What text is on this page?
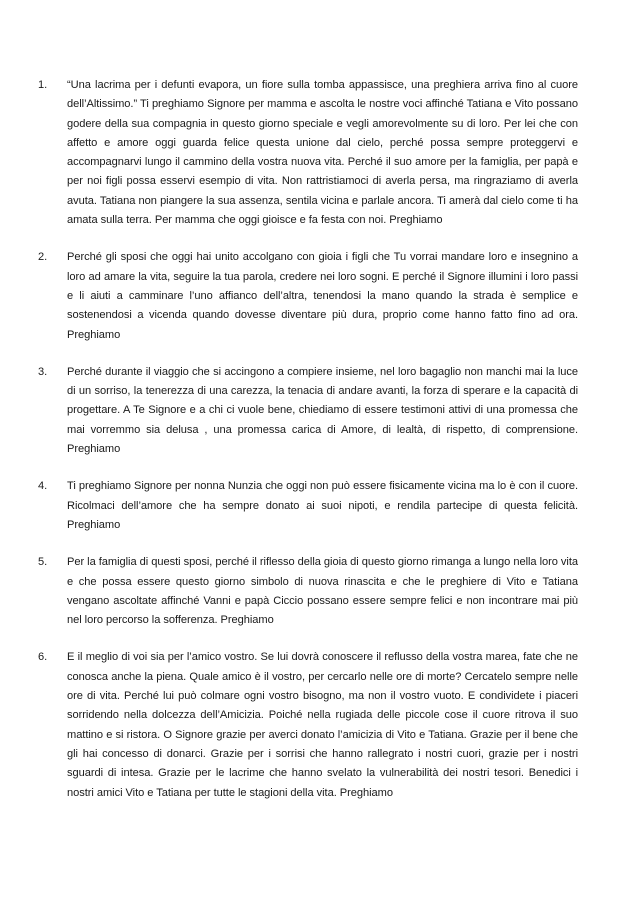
1.	“Una lacrima per i defunti evapora, un fiore sulla tomba appassisce, una preghiera arriva fino al cuore dell’Altissimo.” Ti preghiamo Signore per mamma e ascolta le nostre voci affinché Tatiana e Vito possano godere della sua compagnia in questo giorno speciale e vegli amorevolmente su di loro. Per lei che con affetto e amore oggi guarda felice questa unione dal cielo, perché possa sempre proteggervi e accompagnarvi lungo il cammino della vostra nuova vita. Perché il suo amore per la famiglia, per papà e per noi figli possa esservi esempio di vita. Non rattristiamoci di averla persa, ma ringraziamo di averla avuta. Tatiana non piangere la sua assenza, sentila vicina e parlale ancora. Ti amerà dal cielo come ti ha amata sulla terra. Per mamma che oggi gioisce e fa festa con noi. Preghiamo
2.	Perché gli sposi che oggi hai unito accolgano con gioia i figli che Tu vorrai mandare loro e insegnino a loro ad amare la vita, seguire la tua parola, credere nei loro sogni. E perché il Signore illumini i loro passi e li aiuti a camminare l’uno affianco dell’altra, tenendosi la mano quando la strada è semplice e sostenendosi a vicenda quando dovesse diventare più dura, proprio come hanno fatto fino ad ora. Preghiamo
3.	Perché durante il viaggio che si accingono a compiere insieme, nel loro bagaglio non manchi mai la luce di un sorriso, la tenerezza di una carezza, la tenacia di andare avanti, la forza di sperare e la capacità di progettare. A Te Signore e a chi ci vuole bene, chiediamo di essere testimoni attivi di una promessa che mai vorremmo sia delusa , una promessa carica di Amore, di lealtà, di rispetto, di comprensione. Preghiamo
4.	Ti preghiamo Signore per nonna Nunzia che oggi non può essere fisicamente vicina ma lo è con il cuore. Ricolmaci dell’amore che ha sempre donato ai suoi nipoti, e rendila partecipe di questa felicità. Preghiamo
5.	Per la famiglia di questi sposi, perché il riflesso della gioia di questo giorno rimanga a lungo nella loro vita e che possa essere questo giorno simbolo di nuova rinascita e che le preghiere di Vito e Tatiana vengano ascoltate affinché Vanni e papà Ciccio possano essere sempre felici e non incontrare mai più nel loro percorso la sofferenza. Preghiamo
6.	E il meglio di voi sia per l’amico vostro. Se lui dovrà conoscere il reflusso della vostra marea, fate che ne conosca anche la piena. Quale amico è il vostro, per cercarlo nelle ore di morte? Cercatelo sempre nelle ore di vita. Perché lui può colmare ogni vostro bisogno, ma non il vostro vuoto. E condividete i piaceri sorridendo nella dolcezza dell’Amicizia. Poiché nella rugiada delle piccole cose il cuore ritrova il suo mattino e si ristora. O Signore grazie per averci donato l’amicizia di Vito e Tatiana. Grazie per il bene che gli hai concesso di donarci. Grazie per i sorrisi che hanno rallegrato i nostri cuori, grazie per i nostri sguardi di intesa. Grazie per le lacrime che hanno svelato la vulnerabilità dei nostri tesori. Benedici i nostri amici Vito e Tatiana per tutte le stagioni della vita. Preghiamo
